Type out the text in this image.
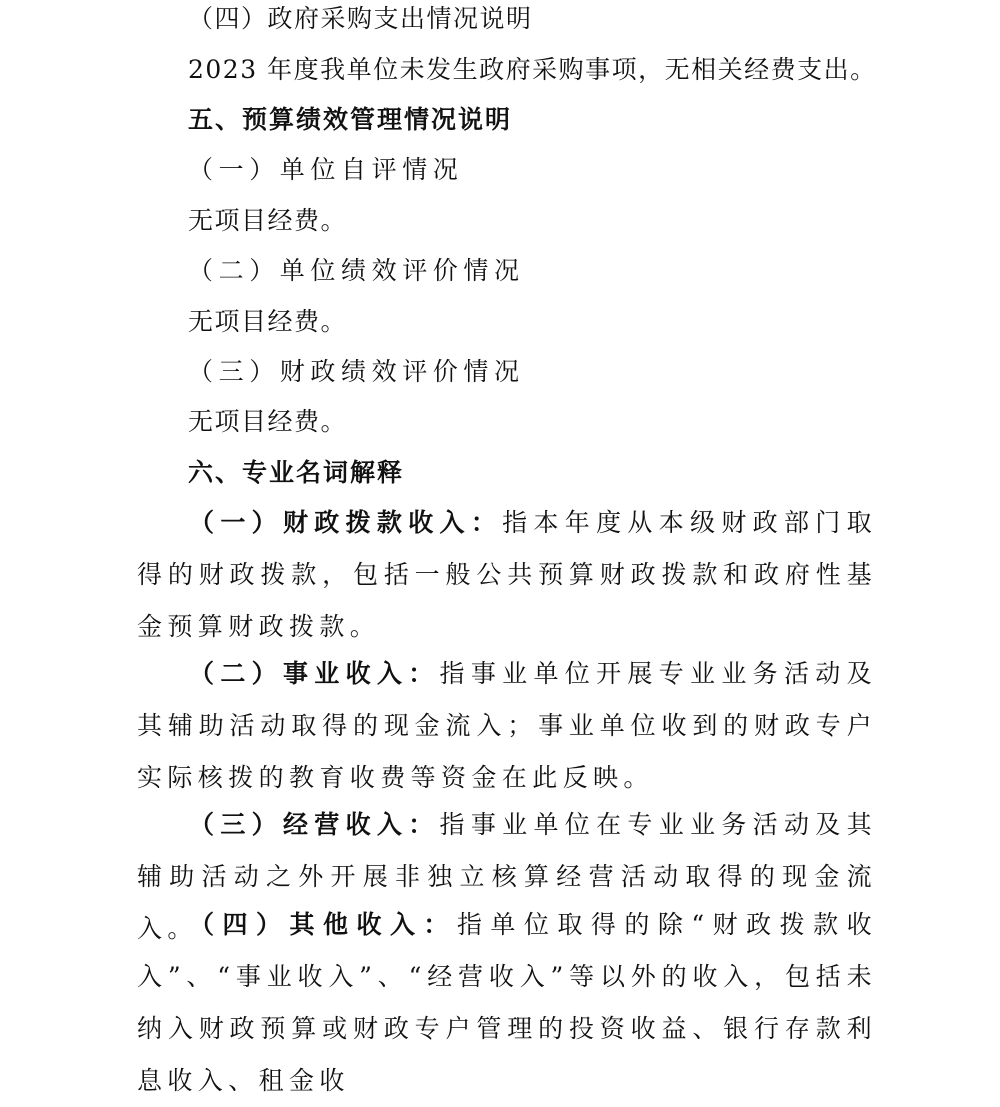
（四）政府采购支出情况说明
2023 年度我单位未发生政府采购事项，无相关经费支出。
五、预算绩效管理情况说明
（一）单位自评情况
无项目经费。
（二）单位绩效评价情况
无项目经费。
（三）财政绩效评价情况
无项目经费。
六、专业名词解释

（一）财政拨款收入：指本年度从本级财政部门取得的财政拨款，包括一般公共预算财政拨款和政府性基金预算财政拨款。

（二）事业收入：指事业单位开展专业业务活动及其辅助活动取得的现金流入；事业单位收到的财政专户实际核拨的教育收费等资金在此反映。

（三）经营收入：指事业单位在专业业务活动及其辅助活动之外开展非独立核算经营活动取得的现金流入。

（四）其他收入：指单位取得的除“财政拨款收入”、“事业收入”、“经营收入”等以外的收入，包括未纳入财政预算或财政专户管理的投资收益、银行存款利息收入、租金收
